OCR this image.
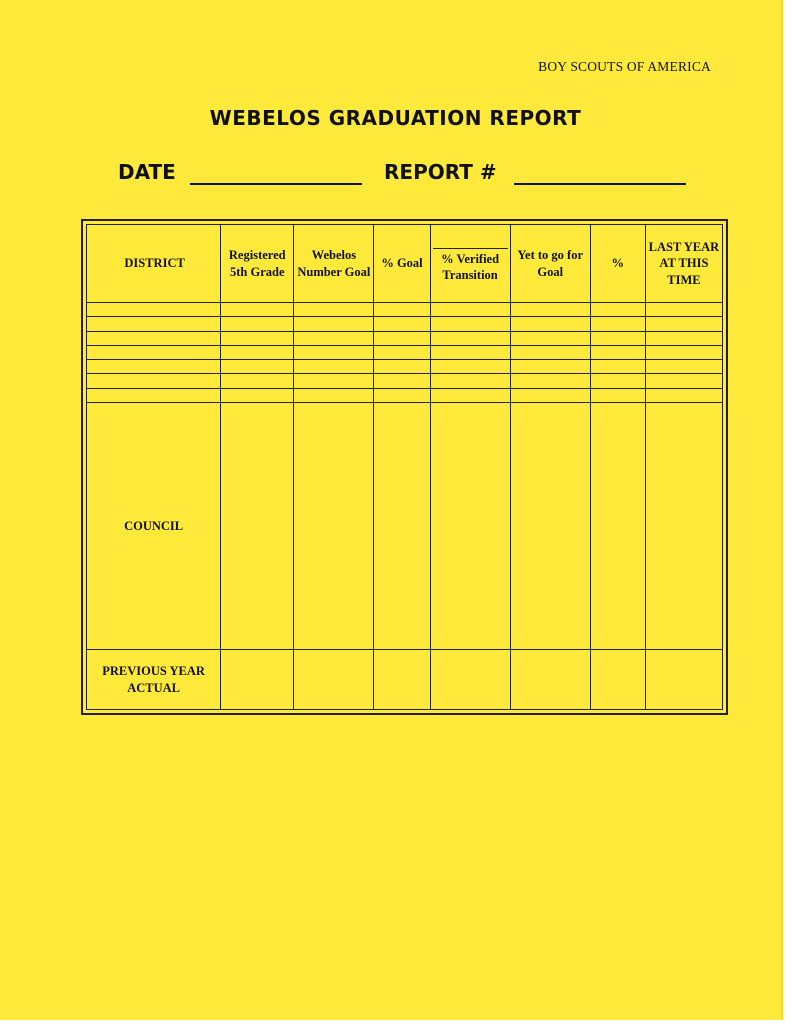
BOY SCOUTS OF AMERICA
WEBELOS GRADUATION REPORT
DATE	REPORT #
DISTRICT	Registered 5th Grade	Webelos Number Goal	% Goal	% Verified Transition	Yet to go for Goal	%	LAST YEAR AT THIS TIME

COUNCIL							
PREVIOUS YEAR ACTUAL							
